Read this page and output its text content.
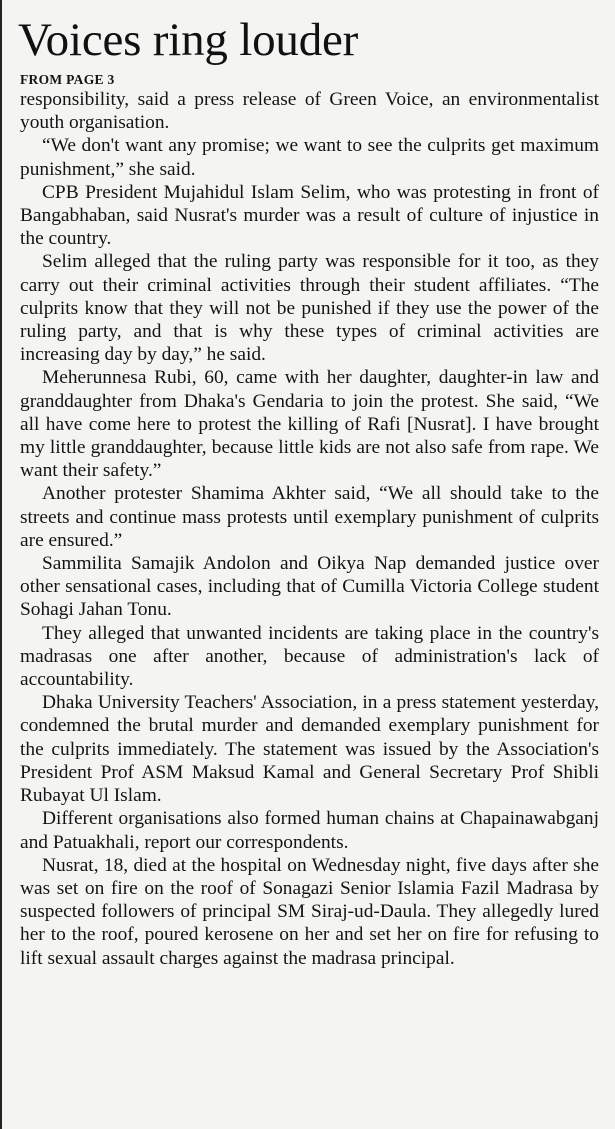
Voices ring louder

FROM PAGE 3

responsibility, said a press release of Green Voice, an environmentalist youth organisation.

“We don't want any promise; we want to see the culprits get maximum punishment,” she said.

CPB President Mujahidul Islam Selim, who was protesting in front of Bangabhaban, said Nusrat's murder was a result of culture of injustice in the country.

Selim alleged that the ruling party was responsible for it too, as they carry out their criminal activities through their student affiliates. “The culprits know that they will not be punished if they use the power of the ruling party, and that is why these types of criminal activities are increasing day by day,” he said.

Meherunnesa Rubi, 60, came with her daughter, daughter-in law and granddaughter from Dhaka's Gendaria to join the protest. She said, “We all have come here to protest the killing of Rafi [Nusrat]. I have brought my little granddaughter, because little kids are not also safe from rape. We want their safety.”

Another protester Shamima Akhter said, “We all should take to the streets and continue mass protests until exemplary punishment of culprits are ensured.”

Sammilita Samajik Andolon and Oikya Nap demanded justice over other sensational cases, including that of Cumilla Victoria College student Sohagi Jahan Tonu.

They alleged that unwanted incidents are taking place in the country's madrasas one after another, because of administration's lack of accountability.

Dhaka University Teachers' Association, in a press statement yesterday, condemned the brutal murder and demanded exemplary punishment for the culprits immediately. The statement was issued by the Association's President Prof ASM Maksud Kamal and General Secretary Prof Shibli Rubayat Ul Islam.

Different organisations also formed human chains at Chapainawabganj and Patuakhali, report our correspondents.

Nusrat, 18, died at the hospital on Wednesday night, five days after she was set on fire on the roof of Sonagazi Senior Islamia Fazil Madrasa by suspected followers of principal SM Siraj-ud-Daula. They allegedly lured her to the roof, poured kerosene on her and set her on fire for refusing to lift sexual assault charges against the madrasa principal.
